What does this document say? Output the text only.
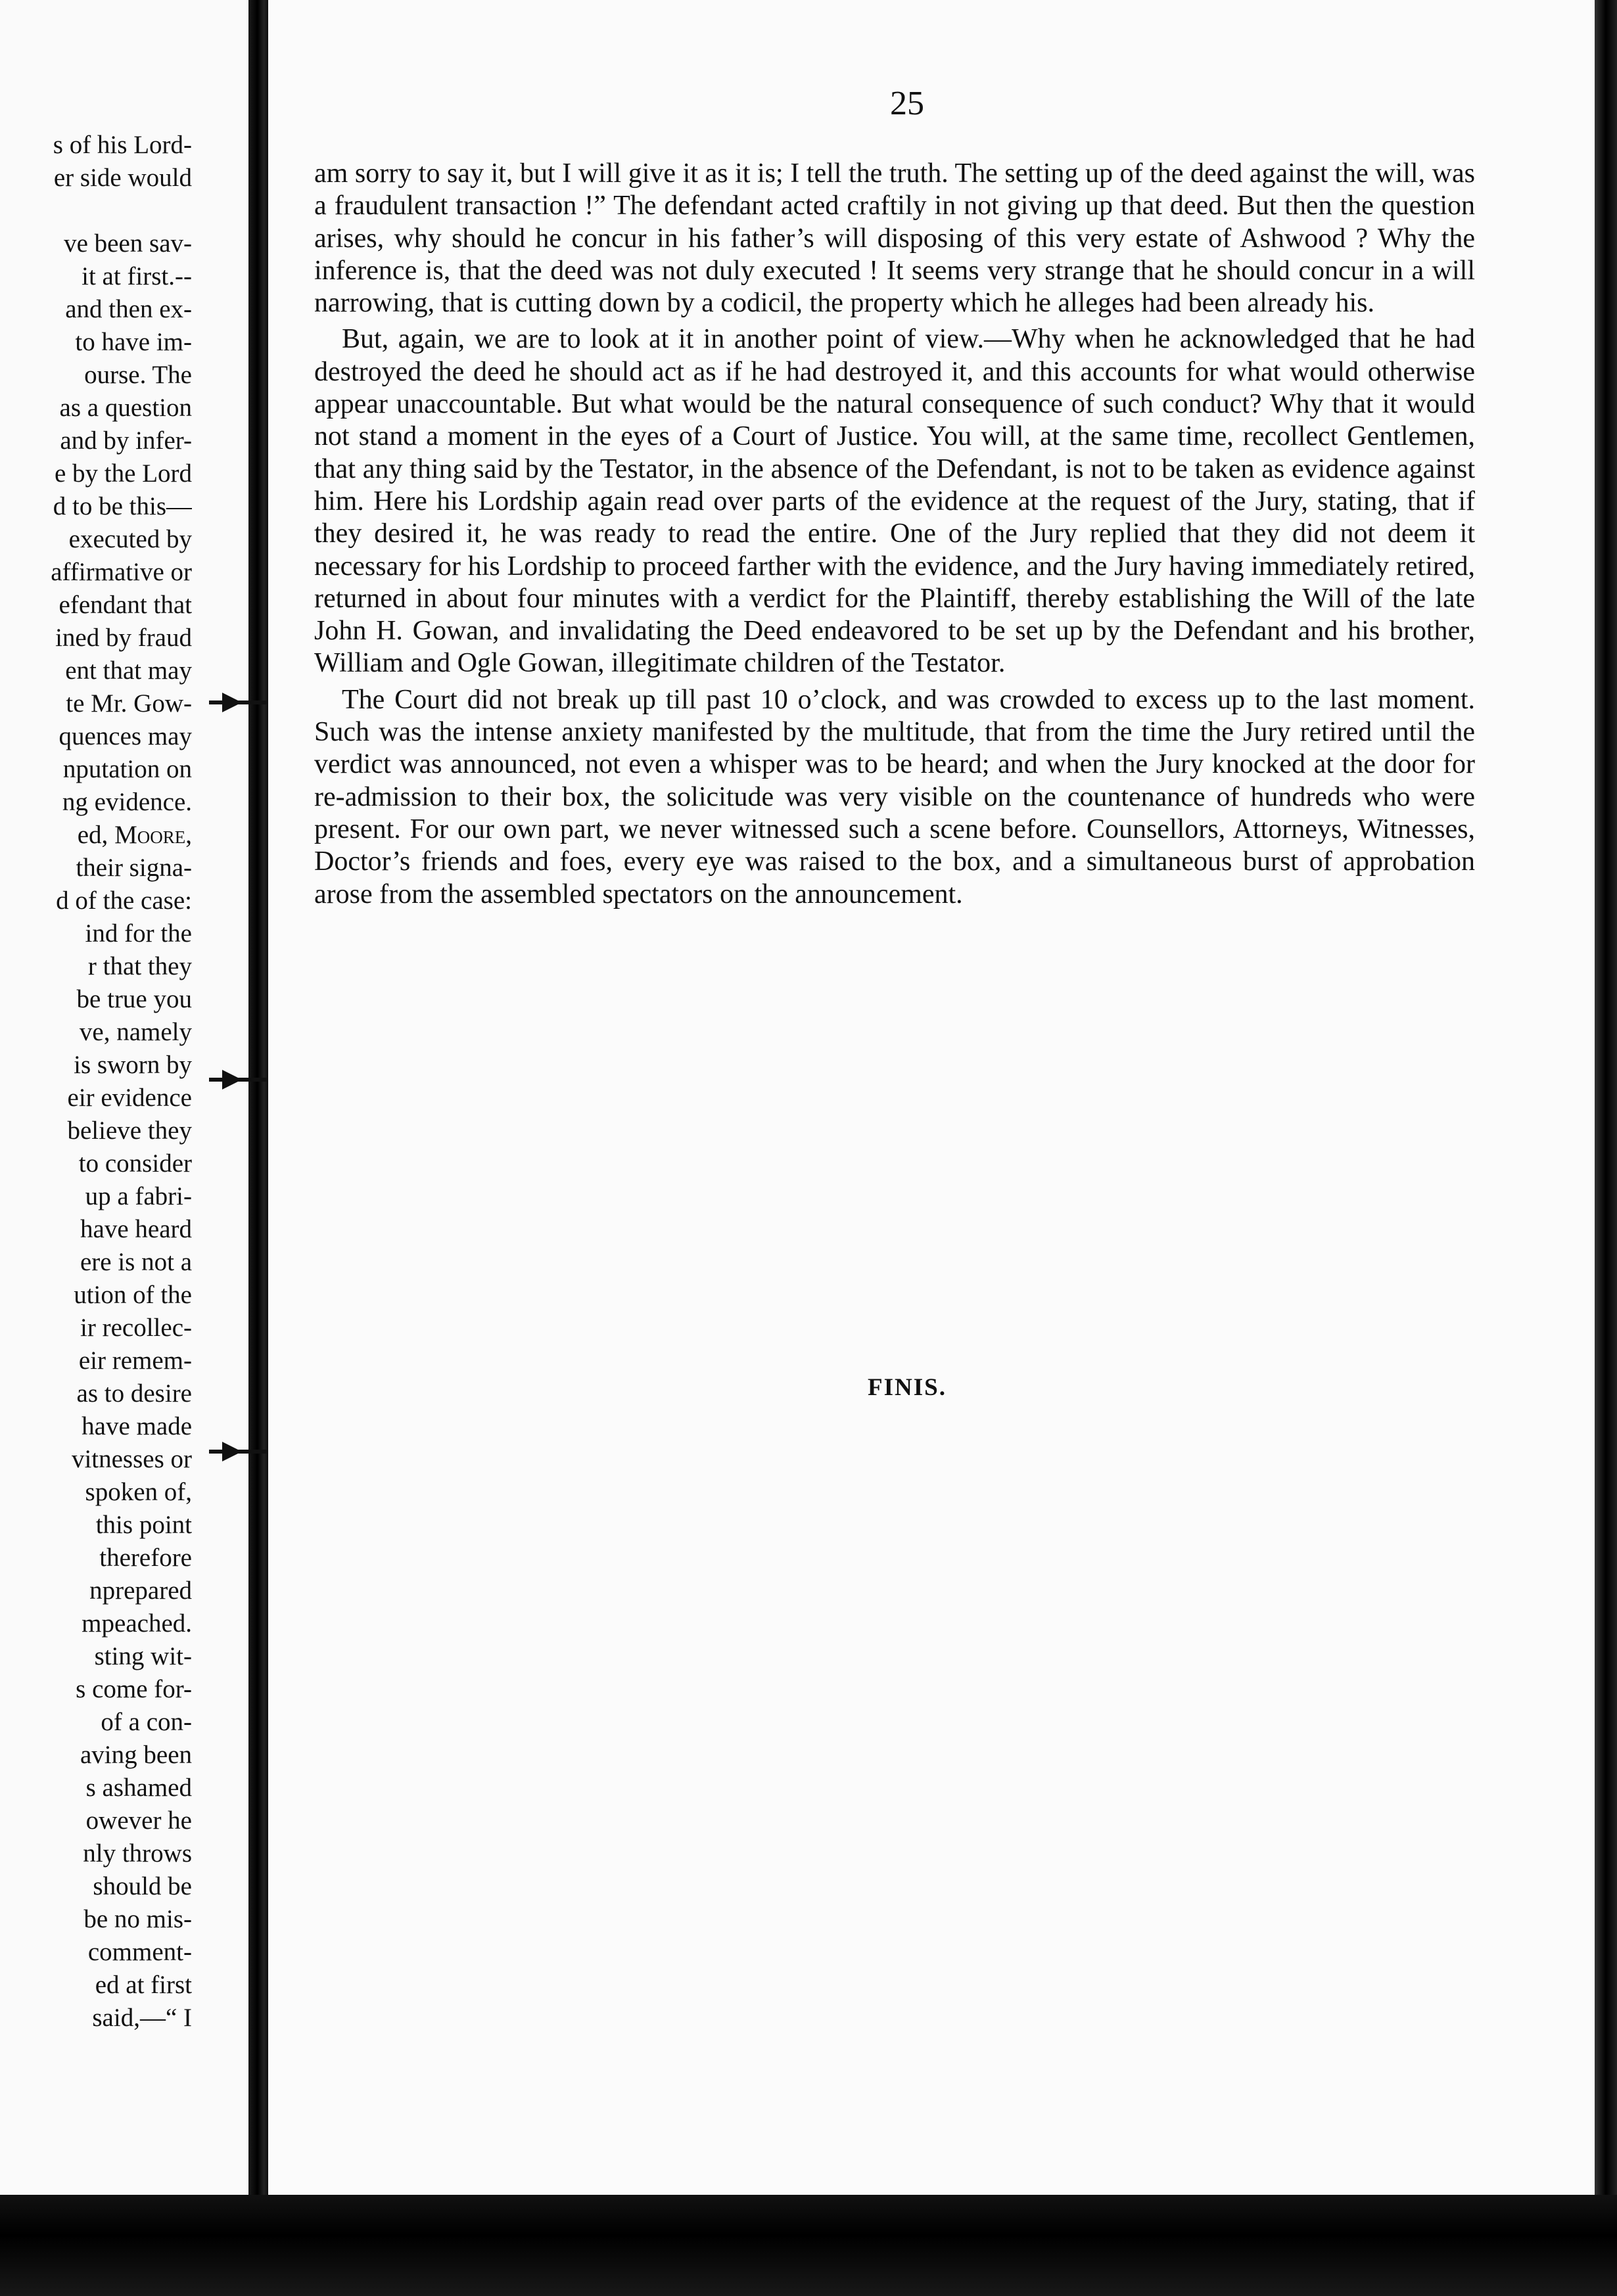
s of his Lord-
er side would
ve been sav-
it at first.--
and then ex-
to have im-
ourse. The
as a question
and by infer-
e by the Lord
d to be this—
executed by
affirmative or
efendant that
ined by fraud
ent that may
te Mr. Gow-
quences may
nputation on
ng evidence.
ed, Moore,
their signa-
d of the case:
ind for the
r that they
be true you
ve, namely
is sworn by
eir evidence
believe they
to consider
up a fabri-
have heard
ere is not a
ution of the
ir recollec-
eir remem-
as to desire
have made
vitnesses or
spoken of,
this point
therefore
nprepared
mpeached.
sting wit-
s come for-
of a con-
aving been
s ashamed
owever he
nly throws
should be
be no mis-
comment-
ed at first
said,—“ I
25

am sorry to say it, but I will give it as it is; I tell the truth. The setting up of the deed against the will, was a fraudulent transaction !” The defendant acted craftily in not giving up that deed. But then the question arises, why should he concur in his father’s will disposing of this very estate of Ashwood ? Why the inference is, that the deed was not duly executed ! It seems very strange that he should concur in a will narrowing, that is cutting down by a codicil, the property which he alleges had been already his.

But, again, we are to look at it in another point of view.—Why when he acknowledged that he had destroyed the deed he should act as if he had destroyed it, and this accounts for what would otherwise appear unaccountable. But what would be the natural consequence of such conduct? Why that it would not stand a moment in the eyes of a Court of Justice. You will, at the same time, recollect Gentlemen, that any thing said by the Testator, in the absence of the Defendant, is not to be taken as evidence against him. Here his Lordship again read over parts of the evidence at the request of the Jury, stating, that if they desired it, he was ready to read the entire. One of the Jury replied that they did not deem it necessary for his Lordship to proceed farther with the evidence, and the Jury having immediately retired, returned in about four minutes with a verdict for the Plaintiff, thereby establishing the Will of the late John H. Gowan, and invalidating the Deed endeavored to be set up by the Defendant and his brother, William and Ogle Gowan, illegitimate children of the Testator.

The Court did not break up till past 10 o’clock, and was crowded to excess up to the last moment. Such was the intense anxiety manifested by the multitude, that from the time the Jury retired until the verdict was announced, not even a whisper was to be heard; and when the Jury knocked at the door for re-admission to their box, the solicitude was very visible on the countenance of hundreds who were present. For our own part, we never witnessed such a scene before. Counsellors, Attorneys, Witnesses, Doctor’s friends and foes, every eye was raised to the box, and a simultaneous burst of approbation arose from the assembled spectators on the announcement.

FINIS.
